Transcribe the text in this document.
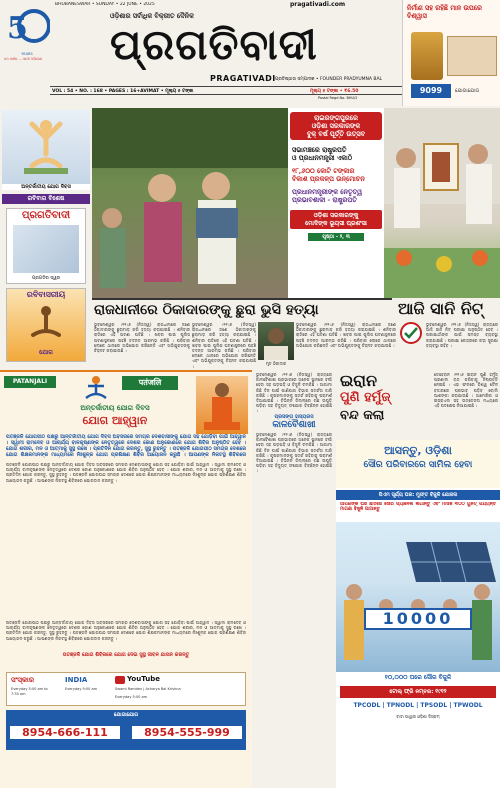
5
YEARS
୫୦ ବର୍ଷର ... ସାଥୀ ଅଭିଯାନ
BHUBANESWAR • SUNDAY • 22 JUNE • 2025	pragativadi.com
ଓଡ଼ିଶାର ସର୍ବାଧିକ ବିକ୍ରୀତ ଦୈନିକ
ପ୍ରଗତିବାଦୀ
PRAGATIVADI ପ୍ରତିଷ୍ଠାତା ସମ୍ପାଦକ • FOUNDER PRADYUMNA BAL
VOL : 54 • NO. : 168 • PAGES : 16+AVIMAT • ମୂଲ୍ୟ ୫ ଟଙ୍କା	ମୂଲ୍ୟ ୫ ଟଙ୍କା • ₹6.50
Postal Regd No. BHU/2
ନିର୍ମାଣ ସହ ରହିଛି ମାନ ଉପରେ ବିଶ୍ୱାସ
9099	ଯୋଗାଯୋଗ
ଅନ୍ତର୍ଜାତୀୟ ଯୋଗ ଦିବସ
ରବିବାର ବିଶେଷ
ପ୍ରଗତିବାଦୀ
ପ୍ରଗତିର ସ୍ୱର
ରବିବାସରୀୟ
ଯୋଗ
ରାଇରଙ୍ଗପୁରରେ
ଓଡ଼ିଶା ସରକାରଙ୍କ
ବୁକ୍ ବର୍ଷ ପୂର୍ତ୍ତି ଉତ୍ସବ
ସଭାମଞ୍ଚରେ ରାଷ୍ଟ୍ରପତି
ଓ ପ୍ରଧାନମନ୍ତ୍ରୀ ଏକାଠି
୧୮,୬୦୦ କୋଟି ଟଙ୍କାର
ବିକାଶ ପ୍ରକଳ୍ପ ଉନ୍ମୋଚନ
ପ୍ରଧାନମନ୍ତ୍ରୀଙ୍କ ନେତୃତ୍ୱ
ପ୍ରଭାବଶାଳୀ - ରାଷ୍ଟ୍ରପତି
ଓଡ଼ିଶା ସରକାରଙ୍କୁ
ମୋଦିଙ୍କ ଭୂୟସୀ ପ୍ରଶଂସା
ପୃଷ୍ଠା - ୨, ୩
ରାଜଧାନୀରେ ଠିକାଦାରଙ୍କୁ ଛୁରା ଭୁସି ହତ୍ୟା
ଭୁବନେଶ୍ୱର ।୨୧।୬ (ନିଜସ୍ୱ) ରାଜଧାନୀରେ ଜଣେ ଠିକାଦାରଙ୍କୁ ଛୁରାମାଡ଼ କରି ହତ୍ୟା କରାଯାଇଛି । ଶନିବାର ରାତିରେ ଏହି ଘଟଣା ଘଟିଛି । ଖବର ପାଇ ପୁଲିସ ଘଟଣାସ୍ଥଳରେ ପହଞ୍ଚି ତଦନ୍ତ ଆରମ୍ଭ କରିଛି । ପରିବାର ଲୋକେ ଥାନାରେ ଅଭିଯୋଗ କରିଛନ୍ତି ଏବଂ ଅଭିଯୁକ୍ତଙ୍କୁ ଚିହ୍ନଟ କରାଯାଉଛି ।
ଭୁବନେଶ୍ୱର ।୨୧।୬ (ନିଜସ୍ୱ) ରାଜଧାନୀରେ ଜଣେ ଠିକାଦାରଙ୍କୁ ଛୁରାମାଡ଼ କରି ହତ୍ୟା କରାଯାଇଛି । ଶନିବାର ରାତିରେ ଏହି ଘଟଣା ଘଟିଛି । ଖବର ପାଇ ପୁଲିସ ଘଟଣାସ୍ଥଳରେ ପହଞ୍ଚି ତଦନ୍ତ ଆରମ୍ଭ କରିଛି । ପରିବାର ଲୋକେ ଥାନାରେ ଅଭିଯୋଗ କରିଛନ୍ତି ଏବଂ ଅଭିଯୁକ୍ତଙ୍କୁ ଚିହ୍ନଟ କରାଯାଉଛି ।
ମୃତ ଠିକାଦାର
ଭୁବନେଶ୍ୱର ।୨୧।୬ (ନିଜସ୍ୱ) ରାଜଧାନୀରେ ଜଣେ ଠିକାଦାରଙ୍କୁ ଛୁରାମାଡ଼ କରି ହତ୍ୟା କରାଯାଇଛି । ଶନିବାର ରାତିରେ ଏହି ଘଟଣା ଘଟିଛି । ଖବର ପାଇ ପୁଲିସ ଘଟଣାସ୍ଥଳରେ ପହଞ୍ଚି ତଦନ୍ତ ଆରମ୍ଭ କରିଛି । ପରିବାର ଲୋକେ ଥାନାରେ ଅଭିଯୋଗ କରିଛନ୍ତି ଏବଂ ଅଭିଯୁକ୍ତଙ୍କୁ ଚିହ୍ନଟ କରାଯାଉଛି ।
ଆଜି ସାନି ନିଟ୍
ଭୁବନେଶ୍ୱର ।୨୧।୬ (ନିଜସ୍ୱ) ରାଜ୍ୟରେ ଆଜି ସାନି ନିଟ୍ ପରୀକ୍ଷା ଅନୁଷ୍ଠିତ ହେବ । ପରୀକ୍ଷାର୍ଥୀଙ୍କ ପାଇଁ ସମସ୍ତ ବ୍ୟବସ୍ଥା କରାଯାଇଛି । ପରୀକ୍ଷା କେନ୍ଦ୍ରରେ କଡ଼ା ସୁରକ୍ଷା ବ୍ୟବସ୍ଥା ରହିବ ।
PATANJALI	पतंजलि
ଅନ୍ତର୍ଜାତୀୟ ଯୋଗ ଦିବସ
ଯୋଗ ଆହ୍ୱାନ
ପତଞ୍ଜଳି ଯୋଗପୀଠ ପକ୍ଷରୁ ଆନ୍ତର୍ଜାତୀୟ ଯୋଗ ଦିବସ ଅବସରରେ ସମଗ୍ର ଦେଶବାସୀଙ୍କୁ ଯୋଗ ସହ ଯୋଡ଼ିବା ପାଇଁ ଆହ୍ୱାନ । ସ୍ୱାମୀ ରାମଦେବ ଓ ଆଚାର୍ଯ୍ୟ ବାଳକୃଷ୍ଣଙ୍କ ନେତୃତ୍ୱରେ ଦେଶର କୋଣ ଅନୁକୋଣରେ ଯୋଗ ଶିବିର ଅନୁଷ୍ଠିତ ହେବ । ଯୋଗ ଶରୀର, ମନ ଓ ଆତ୍ମାକୁ ସୁସ୍ଥ ରଖେ । ପ୍ରତିଦିନ ଯୋଗ କରନ୍ତୁ, ସୁସ୍ଥ ରୁହନ୍ତୁ । ପତଞ୍ଜଳି ଯୋଗପୀଠ ସମଗ୍ର ଦେଶରେ ଯୋଗ ଶିକ୍ଷକମାନଙ୍କ ମାଧ୍ୟମରେ ନିଃଶୁଳ୍କ ଯୋଗ ପ୍ରଶିକ୍ଷଣ ଶିବିର ଆୟୋଜନ କରୁଛି । ଆପଣଙ୍କ ନିକଟସ୍ଥ ଶିବିରରେ
ପତଞ୍ଜଳି ଯୋଗପୀଠ ପକ୍ଷରୁ ଆନ୍ତର୍ଜାତୀୟ ଯୋଗ ଦିବସ ଅବସରରେ ସମଗ୍ର ଦେଶବାସୀଙ୍କୁ ଯୋଗ ସହ ଯୋଡ଼ିବା ପାଇଁ ଆହ୍ୱାନ । ସ୍ୱାମୀ ରାମଦେବ ଓ ଆଚାର୍ଯ୍ୟ ବାଳକୃଷ୍ଣଙ୍କ ନେତୃତ୍ୱରେ ଦେଶର କୋଣ ଅନୁକୋଣରେ ଯୋଗ ଶିବିର ଅନୁଷ୍ଠିତ ହେବ । ଯୋଗ ଶରୀର, ମନ ଓ ଆତ୍ମାକୁ ସୁସ୍ଥ ରଖେ । ପ୍ରତିଦିନ ଯୋଗ କରନ୍ତୁ, ସୁସ୍ଥ ରୁହନ୍ତୁ । ପତଞ୍ଜଳି ଯୋଗପୀଠ ସମଗ୍ର ଦେଶରେ ଯୋଗ ଶିକ୍ଷକମାନଙ୍କ ମାଧ୍ୟମରେ ନିଃଶୁଳ୍କ ଯୋଗ ପ୍ରଶିକ୍ଷଣ ଶିବିର ଆୟୋଜନ କରୁଛି । ଆପଣଙ୍କ ନିକଟସ୍ଥ ଶିବିରରେ ଯୋଗଦାନ କରନ୍ତୁ ।
ପତଞ୍ଜଳି ଯୋଗପୀଠ ପକ୍ଷରୁ ଆନ୍ତର୍ଜାତୀୟ ଯୋଗ ଦିବସ ଅବସରରେ ସମଗ୍ର ଦେଶବାସୀଙ୍କୁ ଯୋଗ ସହ ଯୋଡ଼ିବା ପାଇଁ ଆହ୍ୱାନ । ସ୍ୱାମୀ ରାମଦେବ ଓ ଆଚାର୍ଯ୍ୟ ବାଳକୃଷ୍ଣଙ୍କ ନେତୃତ୍ୱରେ ଦେଶର କୋଣ ଅନୁକୋଣରେ ଯୋଗ ଶିବିର ଅନୁଷ୍ଠିତ ହେବ । ଯୋଗ ଶରୀର, ମନ ଓ ଆତ୍ମାକୁ ସୁସ୍ଥ ରଖେ । ପ୍ରତିଦିନ ଯୋଗ କରନ୍ତୁ, ସୁସ୍ଥ ରୁହନ୍ତୁ । ପତଞ୍ଜଳି ଯୋଗପୀଠ ସମଗ୍ର ଦେଶରେ ଯୋଗ ଶିକ୍ଷକମାନଙ୍କ ମାଧ୍ୟମରେ ନିଃଶୁଳ୍କ ଯୋଗ ପ୍ରଶିକ୍ଷଣ ଶିବିର ଆୟୋଜନ କରୁଛି । ଆପଣଙ୍କ ନିକଟସ୍ଥ ଶିବିରରେ ଯୋଗଦାନ କରନ୍ତୁ ।
ପତଞ୍ଜଳି ଯୋଗ ଶିବିରରେ ଯୋଗ ଦେଇ ସୁସ୍ଥ ଜୀବନ ଯାପନ କରନ୍ତୁ
ସଂସ୍କାର
Everyday 5:00 am to 7:30 am
INDIA
Everyday 9:00 am
YouTube
Swami Ramdev | Acharya Bal Krishna
Everyday 5:00 am
ଯୋଗାଯୋଗ
8954-666-111	8954-555-999
ଭୁବନେଶ୍ୱର ।୨୧।୬ (ନିଜସ୍ୱ) ରାଜ୍ୟରେ କାଳବୈଶାଖୀ ପ୍ରଭାବରେ ଅନେକ ସ୍ଥାନରେ ବର୍ଷା ହେବା ସହ ଘଡ଼ଘଡ଼ି ଓ ବିଜୁଳି ଚମକିଛି । ଆଗାମୀ କିଛି ଦିନ ପାଇଁ ପାଣିପାଗ ବିଭାଗ ସତର୍କତା ଜାରି କରିଛି । କୃଷକମାନଙ୍କୁ ସତର୍କ ରହିବାକୁ ପରାମର୍ଶ ଦିଆଯାଇଛି । ବିଭିନ୍ନ ଜିଲ୍ଲାରେ ଗଛ ଉପୁଡ଼ି ପଡ଼ିବା ସହ ବିଦ୍ୟୁତ୍ ସଂଯୋଗ ବିଚ୍ଛିନ୍ନ ହୋଇଛି ।
ପ୍ରସଙ୍ଗ ହାସ୍ୟରସ
କାଳବୈଶାଖୀ
ଭୁବନେଶ୍ୱର ।୨୧।୬ (ନିଜସ୍ୱ) ରାଜ୍ୟରେ କାଳବୈଶାଖୀ ପ୍ରଭାବରେ ଅନେକ ସ୍ଥାନରେ ବର୍ଷା ହେବା ସହ ଘଡ଼ଘଡ଼ି ଓ ବିଜୁଳି ଚମକିଛି । ଆଗାମୀ କିଛି ଦିନ ପାଇଁ ପାଣିପାଗ ବିଭାଗ ସତର୍କତା ଜାରି କରିଛି । କୃଷକମାନଙ୍କୁ ସତର୍କ ରହିବାକୁ ପରାମର୍ଶ ଦିଆଯାଇଛି । ବିଭିନ୍ନ ଜିଲ୍ଲାରେ ଗଛ ଉପୁଡ଼ି ପଡ଼ିବା ସହ ବିଦ୍ୟୁତ୍ ସଂଯୋଗ ବିଚ୍ଛିନ୍ନ ହୋଇଛି ।
ଇରାନ
ପୁଣି ହର୍ମୁଜ୍
ବନ୍ଦ କଲା
ତେହେରାନ ।୨୧।୬ ଇରାନ ପୁଣି ହର୍ମୁଜ୍ ପ୍ରଣାଳୀ ବନ୍ଦ କରିବାକୁ ନିଷ୍ପତ୍ତି ନେଇଛି । ଏହା ଫଳରେ ବିଶ୍ୱ ତୈଳ ବଜାରରେ ପ୍ରଭାବ ପଡ଼ିବ ବୋଲି ଆଶଙ୍କା କରାଯାଉଛି । ଆମେରିକା ଓ ଇସ୍ରାଏଲ ସହ ଉତ୍ତେଜନା ମଧ୍ୟରେ ଏହି ପଦକ୍ଷେପ ନିଆଯାଇଛି ।
ଆସନ୍ତୁ, ଓଡ଼ିଶା
ସୌର ପରିବାରରେ ସାମିଲ ହେବା
ପିଏମ ସୂର୍ଯ୍ୟ ଘର: ମୁଫ୍ତ ବିଜୁଳି ଯୋଜନା
ଆପଣଙ୍କ ଘର ଛାତରେ ସୌର ପ୍ୟାନେଲ ଲଗାନ୍ତୁ ଏବଂ ମାସିକ ୩୦୦ ୟୁନିଟ୍ ପର୍ଯ୍ୟନ୍ତ ମାଗଣା ବିଜୁଳି ପାଆନ୍ତୁ
10000
୧୦,୦୦୦ ଘରେ ସୌର ବିଜୁଳି
ଟୋଲ୍ ଫ୍ରି ନମ୍ବର: ୧୯୧୨
TPCODL | TPNODL | TPSODL | TPWODL
ଟାଟା ପାୱାର ଓଡ଼ିଶା ଡିସ୍କମ୍
